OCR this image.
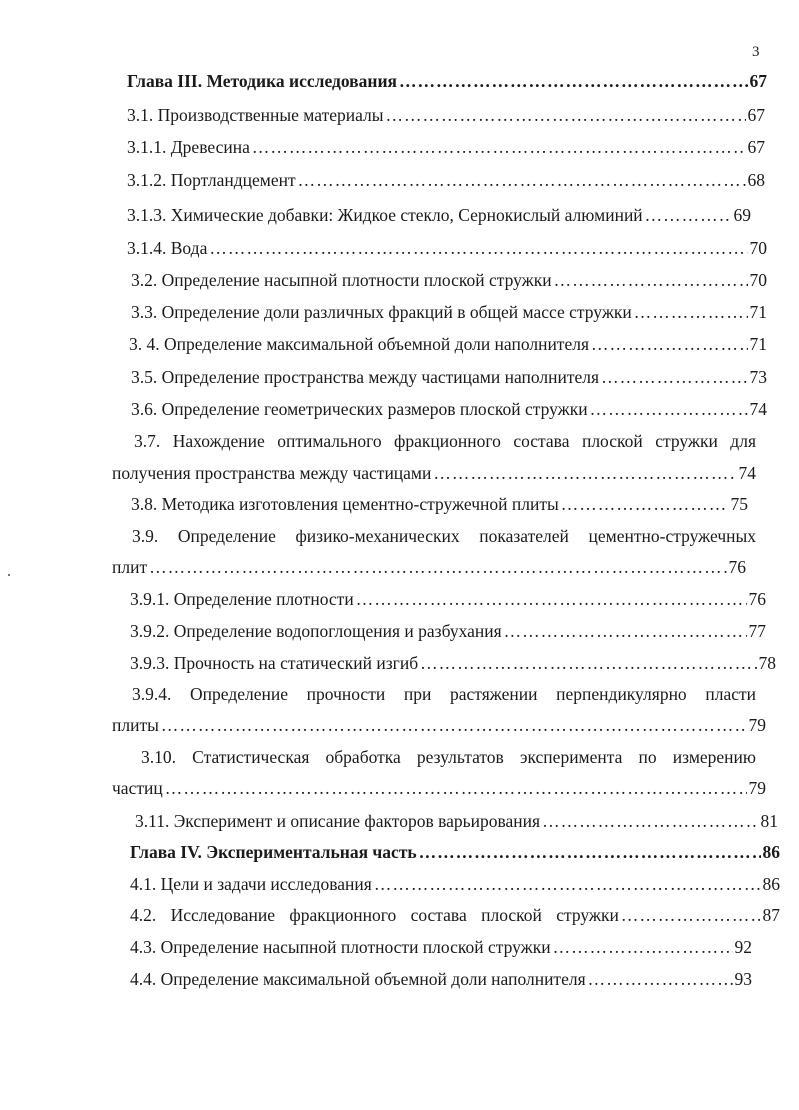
3
Глава III. Методика исследования …………………………………………………………………………………………………………………………………………………………………………………………	67
3.1. Производственные материалы …………………………………………………………………………………………………………………………………………………………………………………………	67
3.1.1. Древесина …………………………………………………………………………………………………………………………………………………………………………………………	67
3.1.2. Портландцемент …………………………………………………………………………………………………………………………………………………………………………………………	68
3.1.3. Химические добавки: Жидкое стекло, Сернокислый алюминий …………………………………………………………………………………………………………………………………………………………………………………………	69
3.1.4. Вода …………………………………………………………………………………………………………………………………………………………………………………………	70
3.2. Определение насыпной плотности плоской стружки …………………………………………………………………………………………………………………………………………………………………………………………	70
3.3. Определение доли различных фракций в общей массе стружки …………………………………………………………………………………………………………………………………………………………………………………………	71
3. 4. Определение максимальной объемной доли наполнителя …………………………………………………………………………………………………………………………………………………………………………………………	71
3.5. Определение пространства между частицами наполнителя …………………………………………………………………………………………………………………………………………………………………………………………	73
3.6. Определение геометрических размеров плоской стружки …………………………………………………………………………………………………………………………………………………………………………………………	74
3.7. Нахождение оптимального фракционного состава плоской стружки для
получения пространства между частицами …………………………………………………………………………………………………………………………………………………………………………………………	74
3.8. Методика изготовления цементно-стружечной плиты …………………………………………………………………………………………………………………………………………………………………………………………	75
3.9. Определение физико-механических показателей цементно-стружечных
плит …………………………………………………………………………………………………………………………………………………………………………………………	76
3.9.1. Определение плотности …………………………………………………………………………………………………………………………………………………………………………………………	76
3.9.2. Определение водопоглощения и разбухания …………………………………………………………………………………………………………………………………………………………………………………………	77
3.9.3. Прочность на статический изгиб …………………………………………………………………………………………………………………………………………………………………………………………	78
3.9.4. Определение прочности при растяжении перпендикулярно пласти
плиты …………………………………………………………………………………………………………………………………………………………………………………………	79
3.10. Статистическая обработка результатов эксперимента по измерению
частиц …………………………………………………………………………………………………………………………………………………………………………………………	79
3.11. Эксперимент и описание факторов варьирования …………………………………………………………………………………………………………………………………………………………………………………………	81
Глава IV. Экспериментальная часть …………………………………………………………………………………………………………………………………………………………………………………………	86
4.1. Цели и задачи исследования …………………………………………………………………………………………………………………………………………………………………………………………	86
4.2. Исследование фракционного состава плоской стружки …………………………………………………………………………………………………………………………………………………………………………………………	87
4.3. Определение насыпной плотности плоской стружки …………………………………………………………………………………………………………………………………………………………………………………………	92
4.4. Определение максимальной объемной доли наполнителя …………………………………………………………………………………………………………………………………………………………………………………………	93
